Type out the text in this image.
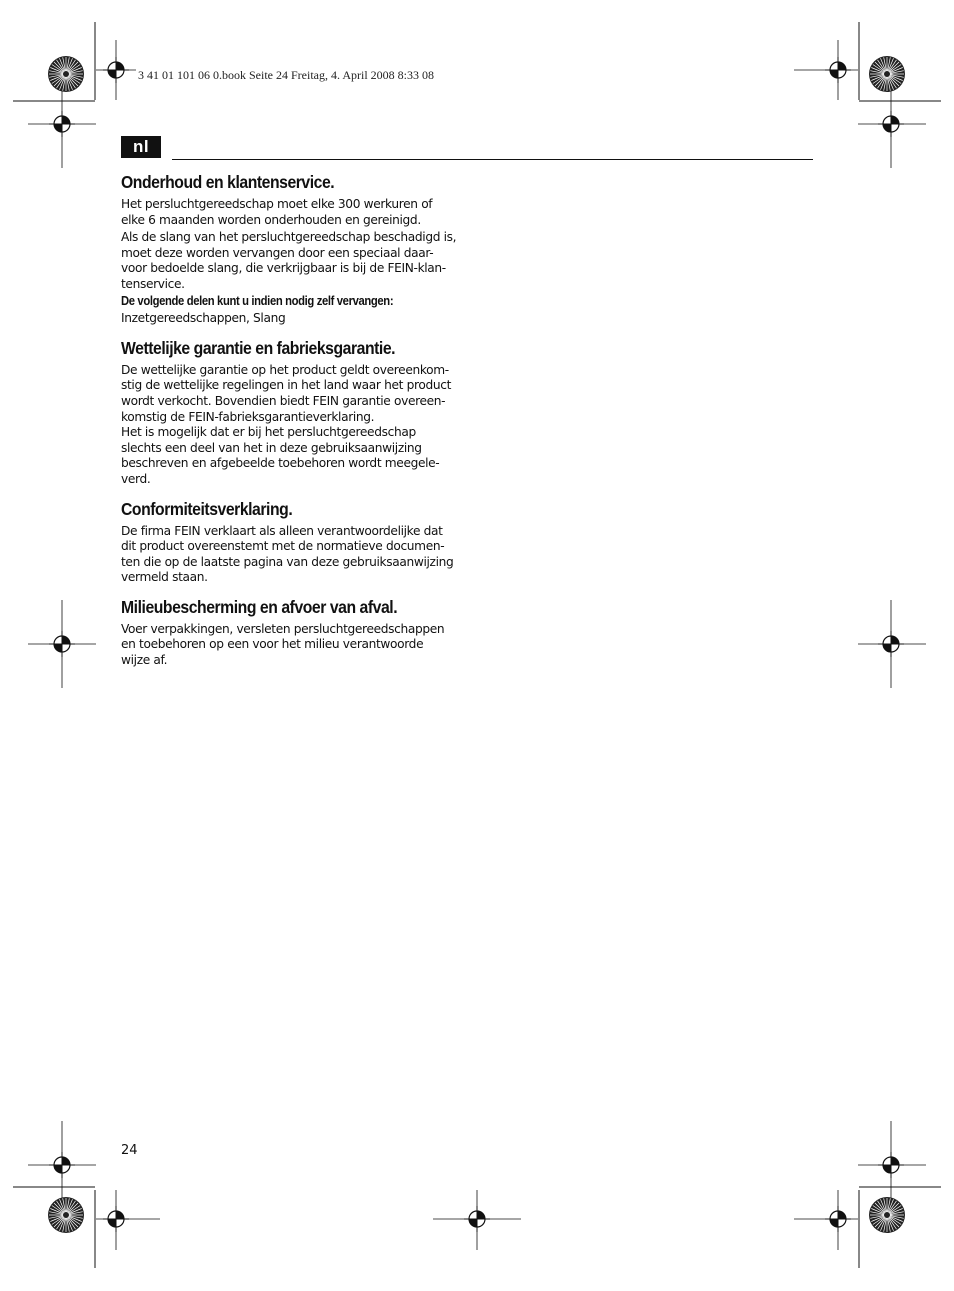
3 41 01 101 06 0.book Seite 24 Freitag, 4. April 2008 8:33 08
nl
Onderhoud en klantenservice.

Het persluchtgereedschap moet elke 300 werkuren of
elke 6 maanden worden onderhouden en gereinigd.

Als de slang van het persluchtgereedschap beschadigd is,
moet deze worden vervangen door een speciaal daar-
voor bedoelde slang, die verkrijgbaar is bij de FEIN-klan-
tenservice.

De volgende delen kunt u indien nodig zelf vervangen:

Inzetgereedschappen, Slang

Wettelijke garantie en fabrieksgarantie.

De wettelijke garantie op het product geldt overeenkom-
stig de wettelijke regelingen in het land waar het product
wordt verkocht. Bovendien biedt FEIN garantie overeen-
komstig de FEIN-fabrieksgarantieverklaring.

Het is mogelijk dat er bij het persluchtgereedschap
slechts een deel van het in deze gebruiksaanwijzing
beschreven en afgebeelde toebehoren wordt meegele-
verd.

Conformiteitsverklaring.

De firma FEIN verklaart als alleen verantwoordelijke dat
dit product overeenstemt met de normatieve documen-
ten die op de laatste pagina van deze gebruiksaanwijzing
vermeld staan.

Milieubescherming en afvoer van afval.

Voer verpakkingen, versleten persluchtgereedschappen
en toebehoren op een voor het milieu verantwoorde
wijze af.

24
